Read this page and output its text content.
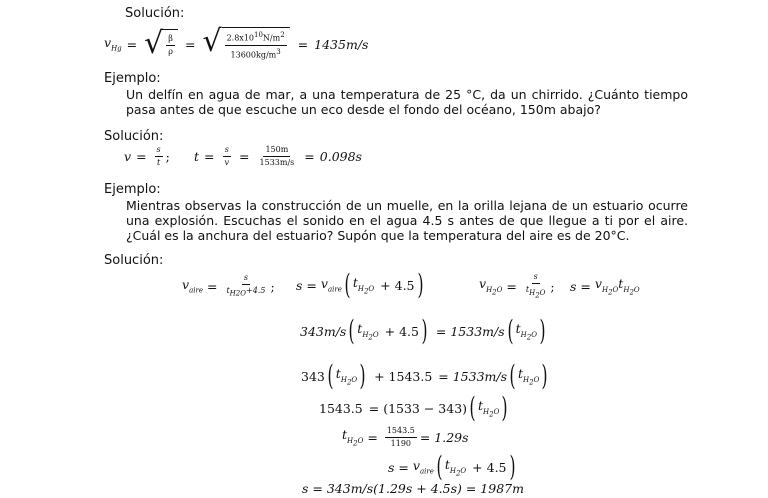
Solución:
$v_{Hg}$ = √ $\frac{\beta}{\rho}$ = √ $\frac{2.8x10^{10}N/m^2}{13600kg/m^3} = 1435m/s$
Ejemplo:
Un delfín en agua de mar, a una temperatura de 25 °C, da un chirrido. ¿Cuánto tiempo pasa antes de que escuche un eco desde el fondo del océano, 150m abajo?
Solución:
$v = \frac{s}{t}$ ; $t = \frac{s}{v} = \frac{150m}{1533m/s} = 0.098s$
Ejemplo:
Mientras observas la construcción de un muelle, en la orilla lejana de un estuario ocurre una explosión. Escuchas el sonido en el agua 4.5 s antes de que llegue a ti por el aire. ¿Cuál es la anchura del estuario? Supón que la temperatura del aire es de 20°C.
Solución:
$v_{aire} = \frac{s}{t_{H2O}+4.5}$ ; $s = v_{aire}$ ( $t_{H_2O} + 4.5$ )	$v_{H_2O} = \frac{s}{t_{H_2O}}$ ; $s = v_{H_2O}t_{H_2O}$
343m/s ( $t_{H_2O} + 4.5$ ) = 1533m/s ( $t_{H_2O}$ )
343 ( $t_{H_2O}$ ) + 1543.5 = 1533m/s ( $t_{H_2O}$ )
1543.5 = (1533 − 343) ( $t_{H_2O}$ )
$t_{H_2O} = \frac{1543.5}{1190} = 1.29s$
$s = v_{aire}$ ( $t_{H_2O} + 4.5$ )
s = 343m/s(1.29s + 4.5s) = 1987m
